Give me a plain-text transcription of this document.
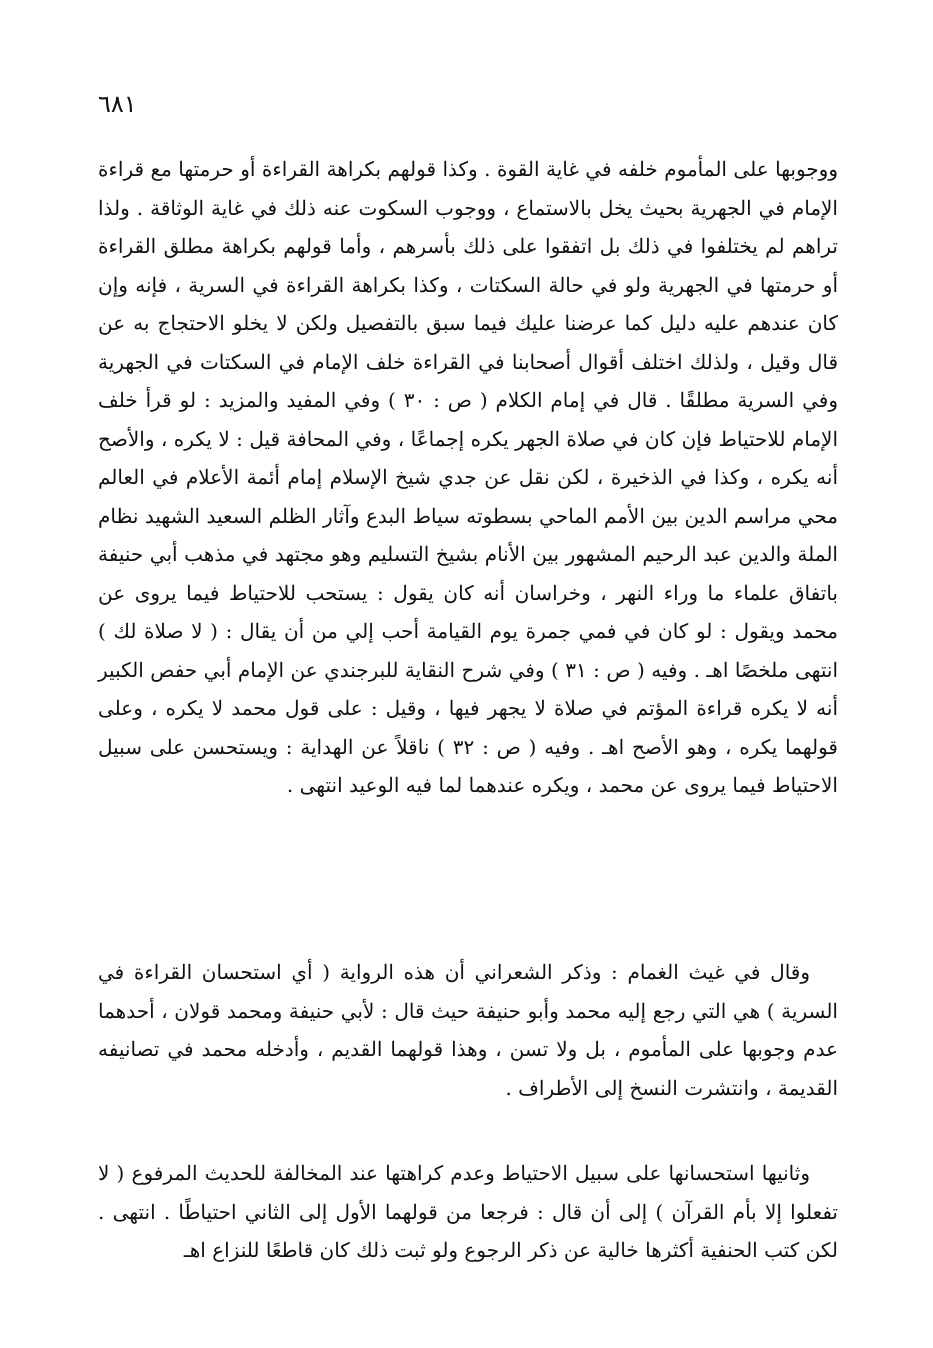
٦٨١

ووجوبها على المأموم خلفه في غاية القوة . وكذا قولهم بكراهة القراءة أو حرمتها مع قراءة الإمام في الجهرية بحيث يخل بالاستماع ، ووجوب السكوت عنه ذلك في غاية الوثاقة . ولذا تراهم لم يختلفوا في ذلك بل اتفقوا على ذلك بأسرهم ، وأما قولهم بكراهة مطلق القراءة أو حرمتها في الجهرية ولو في حالة السكتات ، وكذا بكراهة القراءة في السرية ، فإنه وإن كان عندهم عليه دليل كما عرضنا عليك فيما سبق بالتفصيل ولكن لا يخلو الاحتجاج به عن قال وقيل ، ولذلك اختلف أقوال أصحابنا في القراءة خلف الإمام في السكتات في الجهرية وفي السرية مطلقًا . قال في إمام الكلام ( ص : ٣٠ ) وفي المفيد والمزيد : لو قرأ خلف الإمام للاحتياط فإن كان في صلاة الجهر يكره إجماعًا ، وفي المحافة قيل : لا يكره ، والأصح أنه يكره ، وكذا في الذخيرة ، لكن نقل عن جدي شيخ الإسلام إمام أئمة الأعلام في العالم محي مراسم الدين بين الأمم الماحي بسطوته سياط البدع وآثار الظلم السعيد الشهيد نظام الملة والدين عبد الرحيم المشهور بين الأنام بشيخ التسليم وهو مجتهد في مذهب أبي حنيفة باتفاق علماء ما وراء النهر ، وخراسان أنه كان يقول : يستحب للاحتياط فيما يروى عن محمد ويقول : لو كان في فمي جمرة يوم القيامة أحب إلي من أن يقال : ( لا صلاة لك ) انتهى ملخصًا اهـ . وفيه ( ص : ٣١ ) وفي شرح النقاية للبرجندي عن الإمام أبي حفص الكبير أنه لا يكره قراءة المؤتم في صلاة لا يجهر فيها ، وقيل : على قول محمد لا يكره ، وعلى قولهما يكره ، وهو الأصح اهـ . وفيه ( ص : ٣٢ ) ناقلاً عن الهداية : ويستحسن على سبيل الاحتياط فيما يروى عن محمد ، ويكره عندهما لما فيه الوعيد انتهى .

وقال في غيث الغمام : وذكر الشعراني أن هذه الرواية ( أي استحسان القراءة في السرية ) هي التي رجع إليه محمد وأبو حنيفة حيث قال : لأبي حنيفة ومحمد قولان ، أحدهما عدم وجوبها على المأموم ، بل ولا تسن ، وهذا قولهما القديم ، وأدخله محمد في تصانيفه القديمة ، وانتشرت النسخ إلى الأطراف .

وثانيها استحسانها على سبيل الاحتياط وعدم كراهتها عند المخالفة للحديث المرفوع ( لا تفعلوا إلا بأم القرآن ) إلى أن قال : فرجعا من قولهما الأول إلى الثاني احتياطًا . انتهى . لكن كتب الحنفية أكثرها خالية عن ذكر الرجوع ولو ثبت ذلك كان قاطعًا للنزاع اهـ
